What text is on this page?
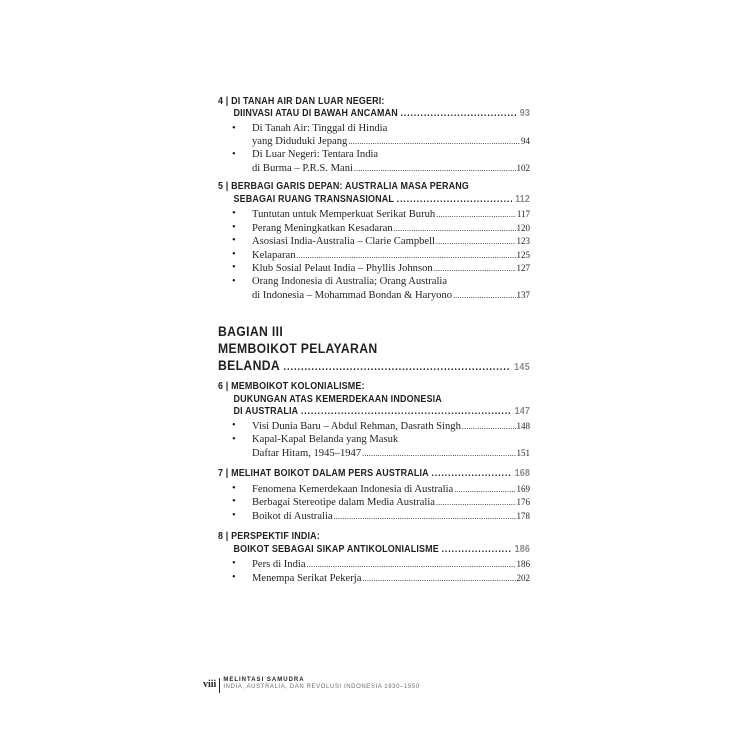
4 | DI TANAH AIR DAN LUAR NEGERI:
DIINVASI ATAU DI BAWAH ANCAMAN .....	93
• Di Tanah Air: Tinggal di Hindia
yang Diduduki Jepang .....	94
• Di Luar Negeri: Tentara India
di Burma – P.R.S. Mani .....	102
5 | BERBAGI GARIS DEPAN: AUSTRALIA MASA PERANG
SEBAGAI RUANG TRANSNASIONAL .....	112
• Tuntutan untuk Memperkuat Serikat Buruh .....	117
• Perang Meningkatkan Kesadaran .....	120
• Asosiasi India-Australia – Clarie Campbell .....	123
• Kelaparan .....	125
• Klub Sosial Pelaut India – Phyllis Johnson .....	127
• Orang Indonesia di Australia; Orang Australia
di Indonesia – Mohammad Bondan & Haryono .....	137
BAGIAN III
MEMBOIKOT PELAYARAN
BELANDA .....	145
6 | MEMBOIKOT KOLONIALISME:
DUKUNGAN ATAS KEMERDEKAAN INDONESIA
DI AUSTRALIA .....	147
• Visi Dunia Baru – Abdul Rehman, Dasrath Singh .....	148
• Kapal-Kapal Belanda yang Masuk
Daftar Hitam, 1945–1947 .....	151
7 | MELIHAT BOIKOT DALAM PERS AUSTRALIA .....	168
• Fenomena Kemerdekaan Indonesia di Australia .....	169
• Berbagai Stereotipe dalam Media Australia .....	176
• Boikot di Australia .....	178
8 | PERSPEKTIF INDIA:
BOIKOT SEBAGAI SIKAP ANTIKOLONIALISME .....	186
• Pers di India .....	186
• Menempa Serikat Pekerja .....	202
viii MELINTASI SAMUDRA
INDIA, AUSTRALIA, DAN REVOLUSI INDONESIA 1930–1950
